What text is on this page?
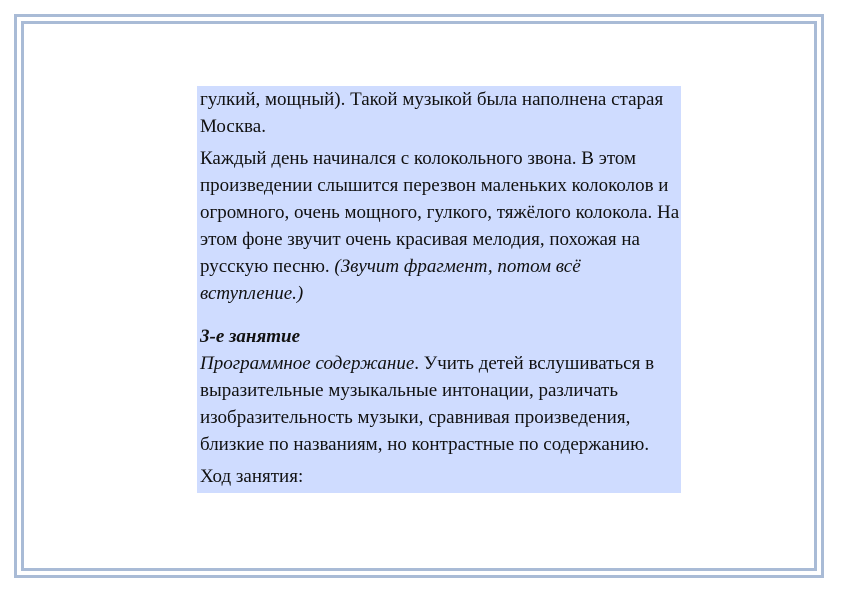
гулкий, мощный). Такой музыкой была наполнена старая Москва.

Каждый день начинался с колокольного звона. В этом произведении слышится перезвон маленьких колоколов и огромного, очень мощного, гулкого, тяжёлого колокола. На этом фоне звучит очень красивая мелодия, похожая на русскую песню. (Звучит фрагмент, потом всё вступление.)

3-е занятие

Программное содержание. Учить детей вслушиваться в выразительные музыкальные интонации, различать изобразительность музыки, сравнивая произведения, близкие по названиям, но контрастные по содержанию.

Ход занятия:
